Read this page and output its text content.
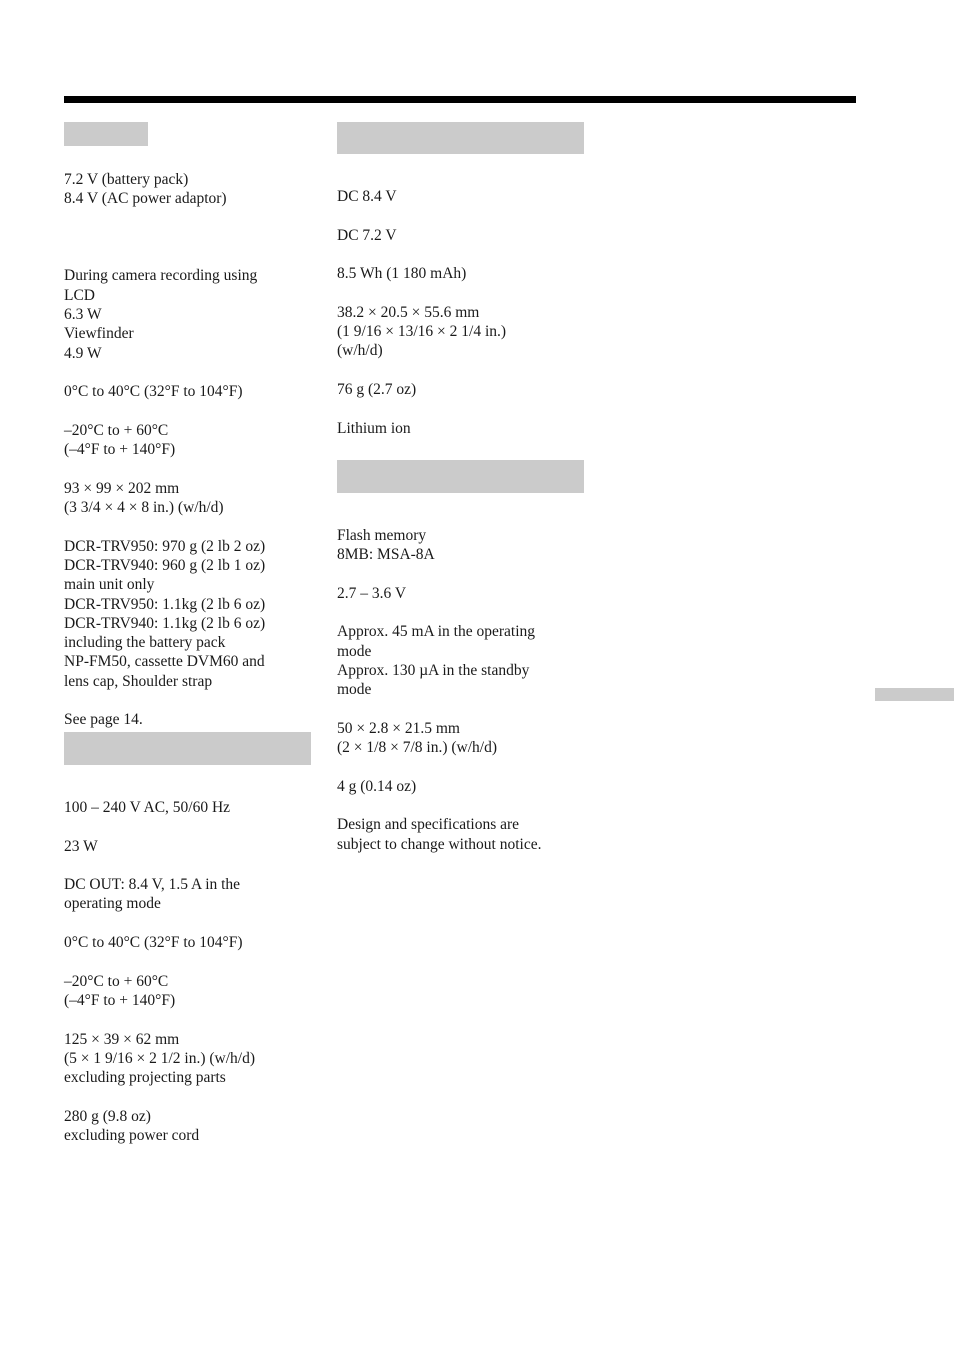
7.2 V (battery pack)
8.4 V (AC power adaptor)

During camera recording using
LCD
6.3 W
Viewfinder
4.9 W

0°C to 40°C (32°F to 104°F)

–20°C to + 60°C
(–4°F to + 140°F)

93 × 99 × 202 mm
(3 3/4 × 4 × 8 in.) (w/h/d)

DCR-TRV950: 970 g (2 lb 2 oz)
DCR-TRV940: 960 g (2 lb 1 oz)
main unit only
DCR-TRV950: 1.1kg (2 lb 6 oz)
DCR-TRV940: 1.1kg (2 lb 6 oz)
including the battery pack
NP-FM50, cassette DVM60 and
lens cap, Shoulder strap

See page 14.

100 – 240 V AC, 50/60 Hz

23 W

DC OUT: 8.4 V, 1.5 A in the
operating mode

0°C to 40°C (32°F to 104°F)

–20°C to + 60°C
(–4°F to + 140°F)

125 × 39 × 62 mm
(5 × 1 9/16 × 2 1/2 in.) (w/h/d)
excluding projecting parts

280 g (9.8 oz)
excluding power cord

DC 8.4 V

DC 7.2 V

8.5 Wh (1 180 mAh)

38.2 × 20.5 × 55.6 mm
(1 9/16 × 13/16 × 2 1/4 in.)
(w/h/d)

76 g (2.7 oz)

Lithium ion

Flash memory
8MB: MSA-8A

2.7 – 3.6 V

Approx. 45 mA in the operating
mode
Approx. 130 µA in the standby
mode

50 × 2.8 × 21.5 mm
(2 × 1/8 × 7/8 in.) (w/h/d)

4 g (0.14 oz)

Design and specifications are
subject to change without notice.
